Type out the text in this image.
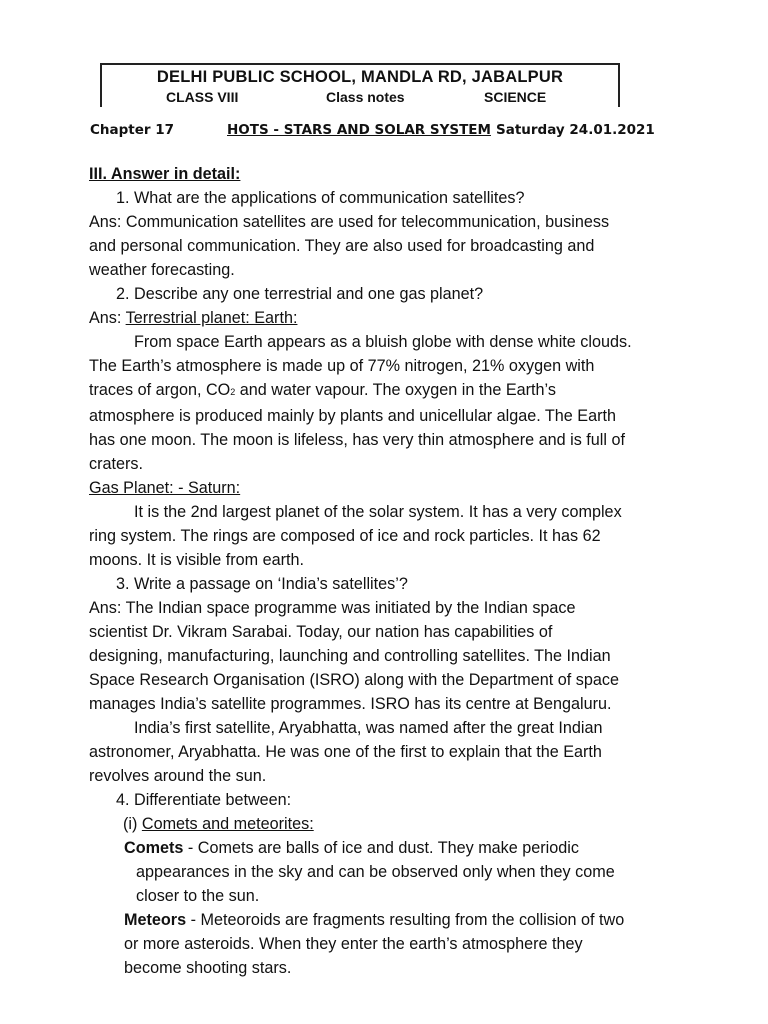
DELHI PUBLIC SCHOOL, MANDLA RD, JABALPUR
CLASS VIII	Class notes	SCIENCE
Chapter 17	HOTS - STARS AND SOLAR SYSTEM Saturday 24.01.2021

III. Answer in detail:

1. What are the applications of communication satellites?

Ans: Communication satellites are used for telecommunication, business

and personal communication. They are also used for broadcasting and

weather forecasting.

2. Describe any one terrestrial and one gas planet?

Ans: Terrestrial planet: Earth:

From space Earth appears as a bluish globe with dense white clouds.

The Earth’s atmosphere is made up of 77% nitrogen, 21% oxygen with

traces of argon, CO2 and water vapour. The oxygen in the Earth’s

atmosphere is produced mainly by plants and unicellular algae. The Earth

has one moon. The moon is lifeless, has very thin atmosphere and is full of

craters.

Gas Planet: - Saturn:

It is the 2nd largest planet of the solar system. It has a very complex

ring system. The rings are composed of ice and rock particles. It has 62

moons. It is visible from earth.

3. Write a passage on ‘India’s satellites’?

Ans: The Indian space programme was initiated by the Indian space

scientist Dr. Vikram Sarabai. Today, our nation has capabilities of

designing, manufacturing, launching and controlling satellites. The Indian

Space Research Organisation (ISRO) along with the Department of space

manages India’s satellite programmes. ISRO has its centre at Bengaluru.

India’s first satellite, Aryabhatta, was named after the great Indian

astronomer, Aryabhatta. He was one of the first to explain that the Earth

revolves around the sun.

4. Differentiate between:

(i) Comets and meteorites:

Comets - Comets are balls of ice and dust. They make periodic

appearances in the sky and can be observed only when they come

closer to the sun.

Meteors - Meteoroids are fragments resulting from the collision of two

or more asteroids. When they enter the earth’s atmosphere they

become shooting stars.
